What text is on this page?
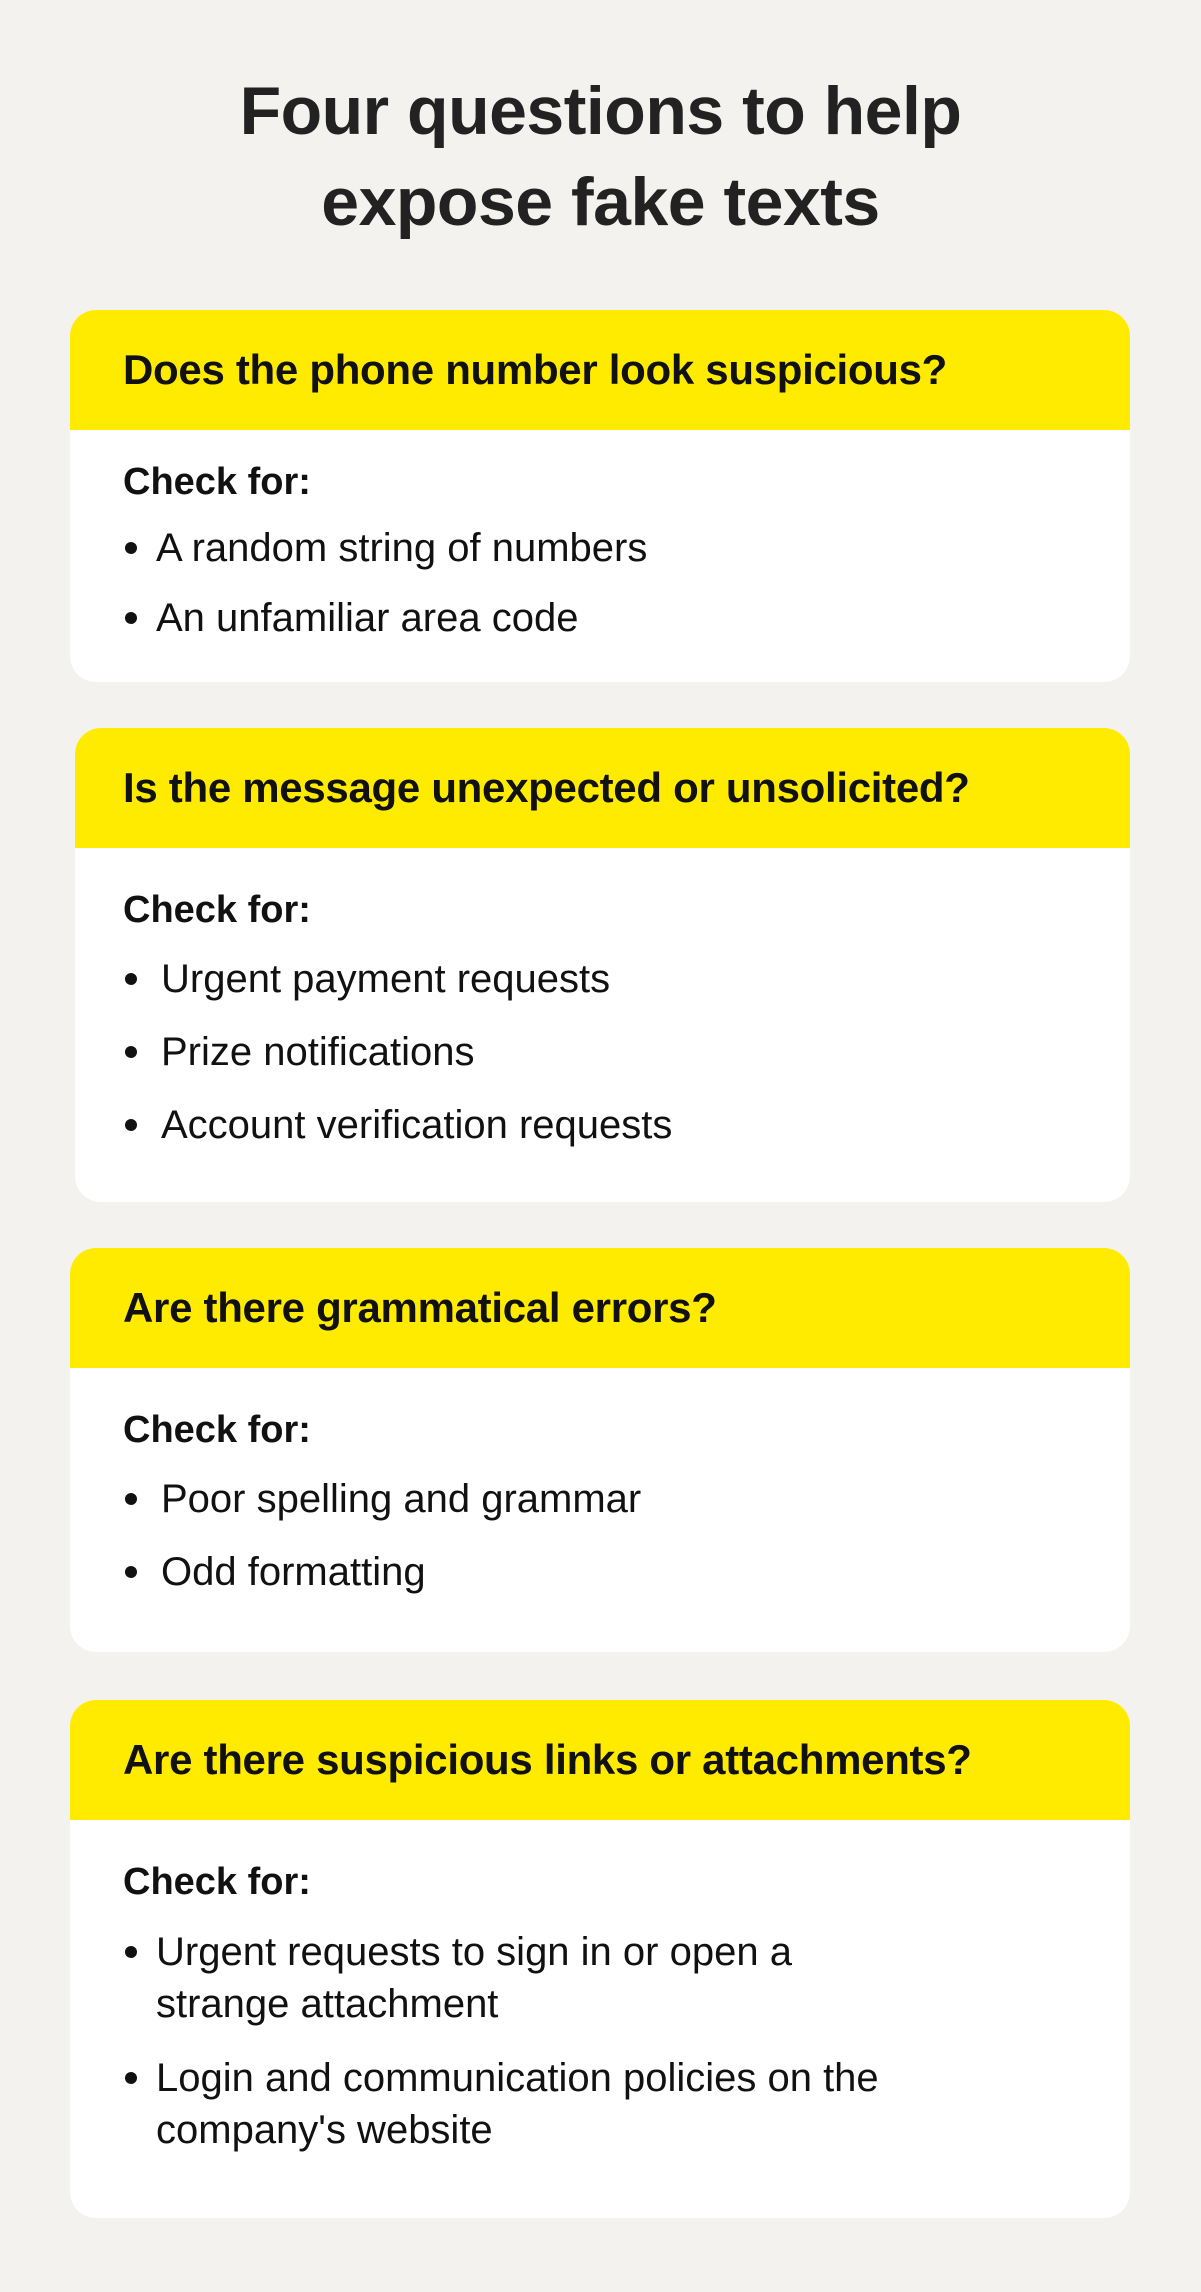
Four questions to help
expose fake texts
Does the phone number look suspicious?
Check for:
A random string of numbers
An unfamiliar area code
Is the message unexpected or unsolicited?
Check for:
Urgent payment requests
Prize notifications
Account verification requests
Are there grammatical errors?
Check for:
Poor spelling and grammar
Odd formatting
Are there suspicious links or attachments?
Check for:
Urgent requests to sign in or open a strange attachment
Login and communication policies on the company's website
